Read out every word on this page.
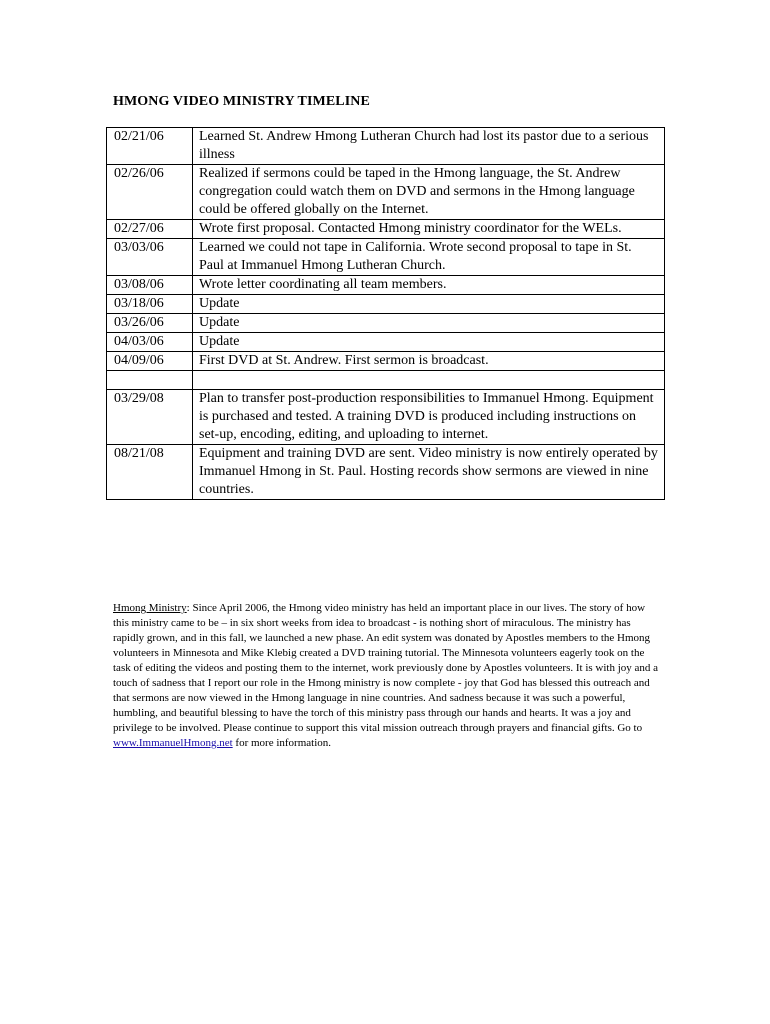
HMONG VIDEO MINISTRY TIMELINE
02/21/06	Learned St. Andrew Hmong Lutheran Church had lost its pastor due to a serious illness
02/26/06	Realized if sermons could be taped in the Hmong language, the St. Andrew congregation could watch them on DVD and sermons in the Hmong language could be offered globally on the Internet.
02/27/06	Wrote first proposal. Contacted Hmong ministry coordinator for the WELs.
03/03/06	Learned we could not tape in California. Wrote second proposal to tape in St. Paul at Immanuel Hmong Lutheran Church.
03/08/06	Wrote letter coordinating all team members.
03/18/06	Update
03/26/06	Update
04/03/06	Update
04/09/06	First DVD at St. Andrew. First sermon is broadcast.

03/29/08	Plan to transfer post-production responsibilities to Immanuel Hmong. Equipment is purchased and tested. A training DVD is produced including instructions on set-up, encoding, editing, and uploading to internet.
08/21/08	Equipment and training DVD are sent. Video ministry is now entirely operated by Immanuel Hmong in St. Paul. Hosting records show sermons are viewed in nine countries.
Hmong Ministry: Since April 2006, the Hmong video ministry has held an important place in our lives. The story of how this ministry came to be – in six short weeks from idea to broadcast - is nothing short of miraculous. The ministry has rapidly grown, and in this fall, we launched a new phase. An edit system was donated by Apostles members to the Hmong volunteers in Minnesota and Mike Klebig created a DVD training tutorial. The Minnesota volunteers eagerly took on the task of editing the videos and posting them to the internet, work previously done by Apostles volunteers. It is with joy and a touch of sadness that I report our role in the Hmong ministry is now complete - joy that God has blessed this outreach and that sermons are now viewed in the Hmong language in nine countries. And sadness because it was such a powerful, humbling, and beautiful blessing to have the torch of this ministry pass through our hands and hearts. It was a joy and privilege to be involved. Please continue to support this vital mission outreach through prayers and financial gifts. Go to www.ImmanuelHmong.net for more information.
